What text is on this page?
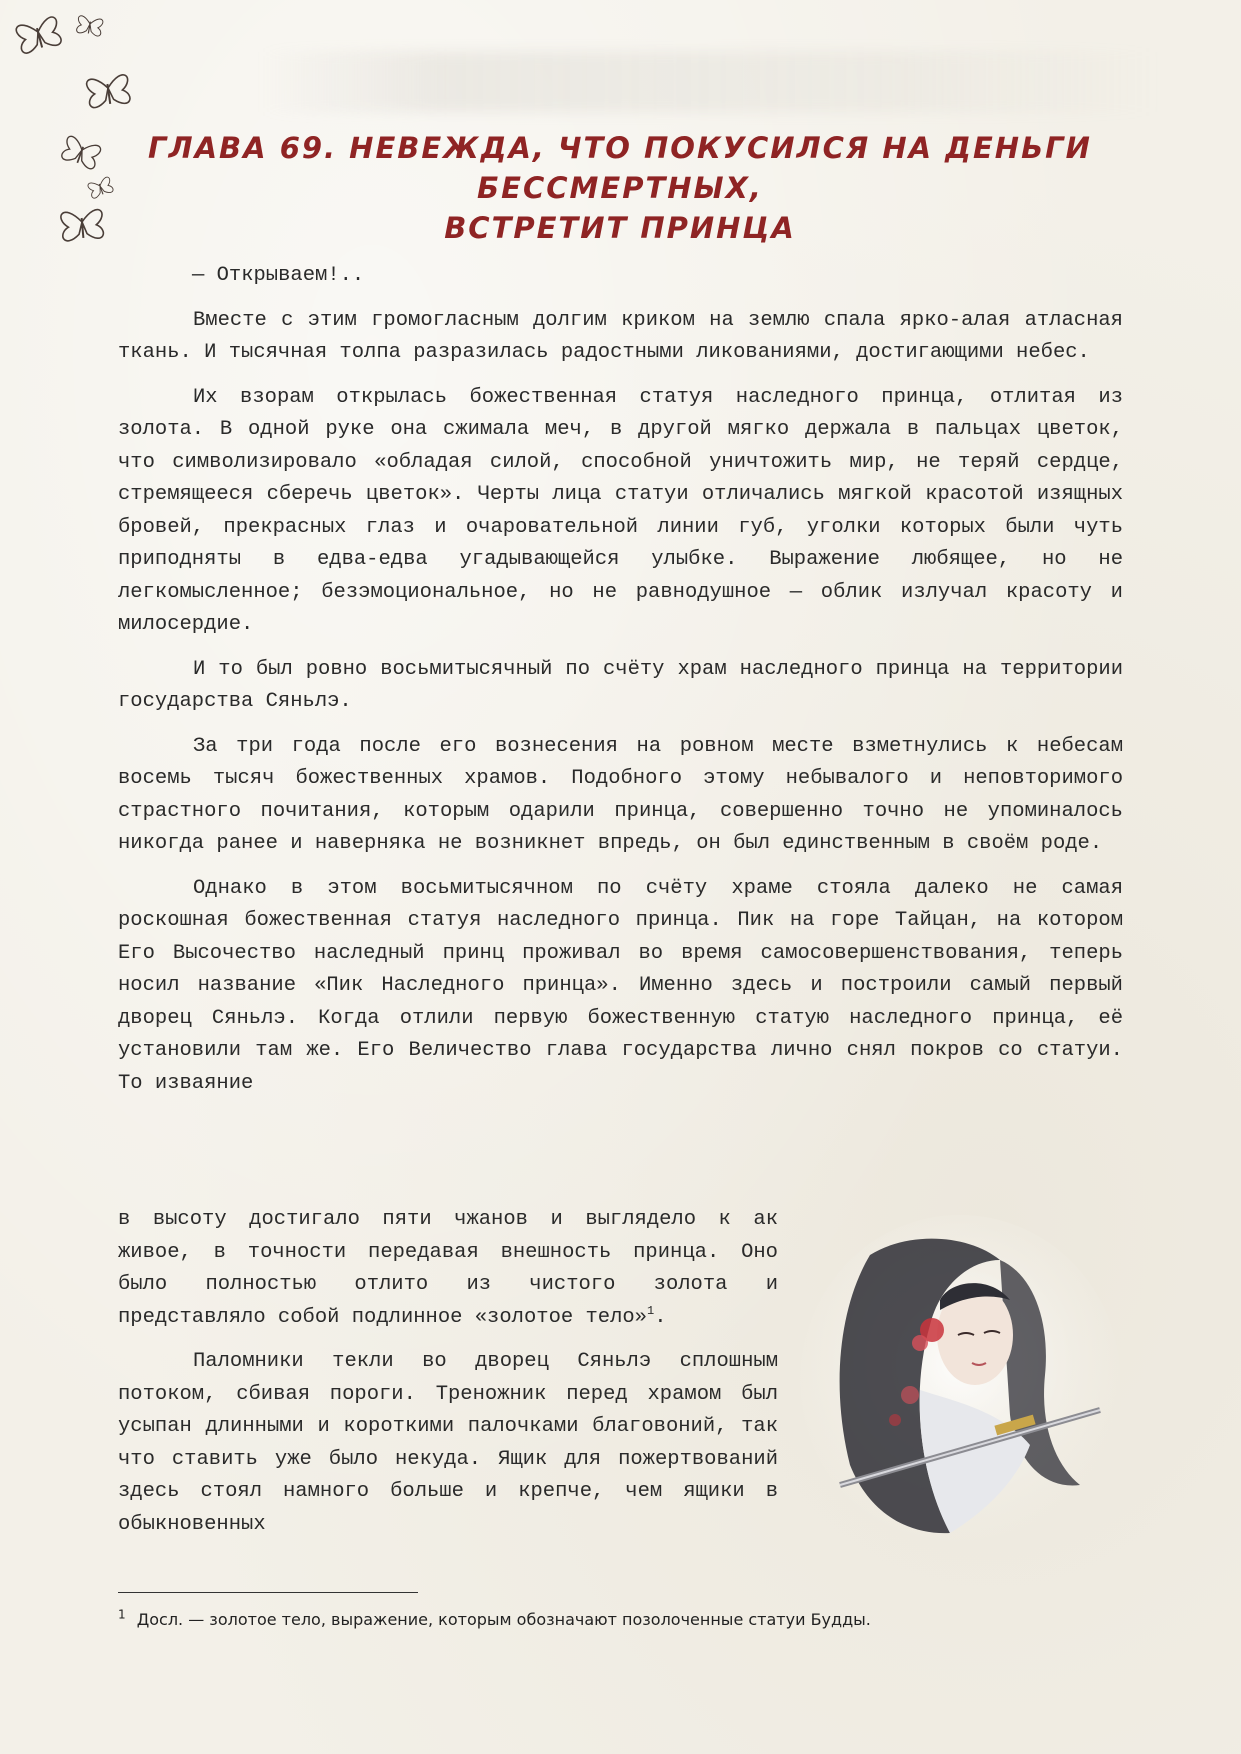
ГЛАВА 69. НЕВЕЖДА, ЧТО ПОКУСИЛСЯ НА ДЕНЬГИ БЕССМЕРТНЫХ,
ВСТРЕТИТ ПРИНЦА

— Открываем!..

Вместе с этим громогласным долгим криком на землю спала ярко-алая атласная ткань. И тысячная толпа разразилась радостными ликованиями, достигающими небес.

Их взорам открылась божественная статуя наследного принца, отлитая из золота. В одной руке она сжимала меч, в другой мягко держала в пальцах цветок, что символизировало «обладая силой, способной уничтожить мир, не теряй сердце, стремящееся сберечь цветок». Черты лица статуи отличались мягкой красотой изящных бровей, прекрасных глаз и очаровательной линии губ, уголки которых были чуть приподняты в едва-едва угадывающейся улыбке. Выражение любящее, но не легкомысленное; безэмоциональное, но не равнодушное — облик излучал красоту и милосердие.

И то был ровно восьмитысячный по счёту храм наследного принца на территории государства Сяньлэ.

За три года после его вознесения на ровном месте взметнулись к небесам восемь тысяч божественных храмов. Подобного этому небывалого и неповторимого страстного почитания, которым одарили принца, совершенно точно не упоминалось никогда ранее и наверняка не возникнет впредь, он был единственным в своём роде.

Однако в этом восьмитысячном по счёту храме стояла далеко не самая роскошная божественная статуя наследного принца. Пик на горе Тайцан, на котором Его Высочество наследный принц проживал во время самосовершенствования, теперь носил название «Пик Наследного принца». Именно здесь и построили самый первый дворец Сяньлэ. Когда отлили первую божественную статую наследного принца, её установили там же. Его Величество глава государства лично снял покров со статуи. То изваяние

в высоту достигало пяти чжанов и выглядело к ак живое, в точности передавая внешность принца. Оно было полностью отлито из чистого золота и представляло собой подлинное «золотое тело»$^1$.

Паломники текли во дворец Сяньлэ сплошным потоком, сбивая пороги. Треножник перед храмом был усыпан длинными и короткими палочками благовоний, так что ставить уже было некуда. Ящик для пожертвований здесь стоял намного больше и крепче, чем ящики в обыкновенных

$^1$ Досл. — золотое тело, выражение, которым обозначают позолоченные статуи Будды.
